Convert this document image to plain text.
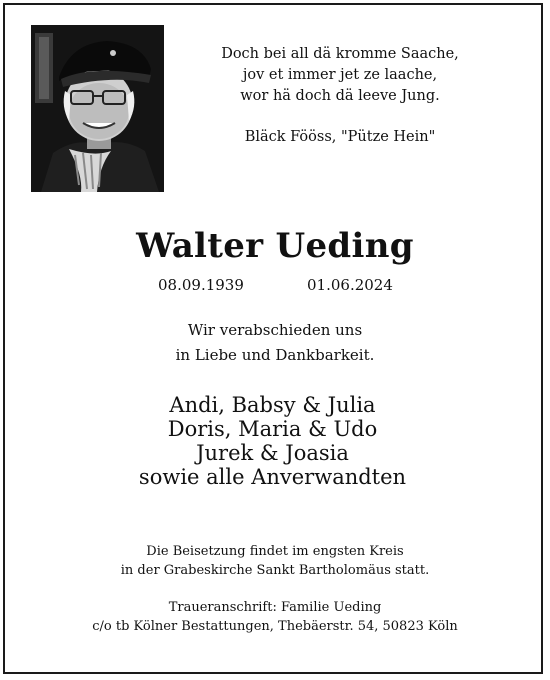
Doch bei all dä kromme Saache,
jov et immer jet ze laache,
wor hä doch dä leeve Jung.
Bläck Fööss, "Pütze Hein"
Walter Ueding
08.09.1939	01.06.2024
Wir verabschieden uns
in Liebe und Dankbarkeit.
Andi, Babsy & Julia
Doris, Maria & Udo
Jurek & Joasia
sowie alle Anverwandten
Die Beisetzung findet im engsten Kreis
in der Grabeskirche Sankt Bartholomäus statt.
Traueranschrift: Familie Ueding
c/o tb Kölner Bestattungen, Thebäerstr. 54, 50823 Köln
